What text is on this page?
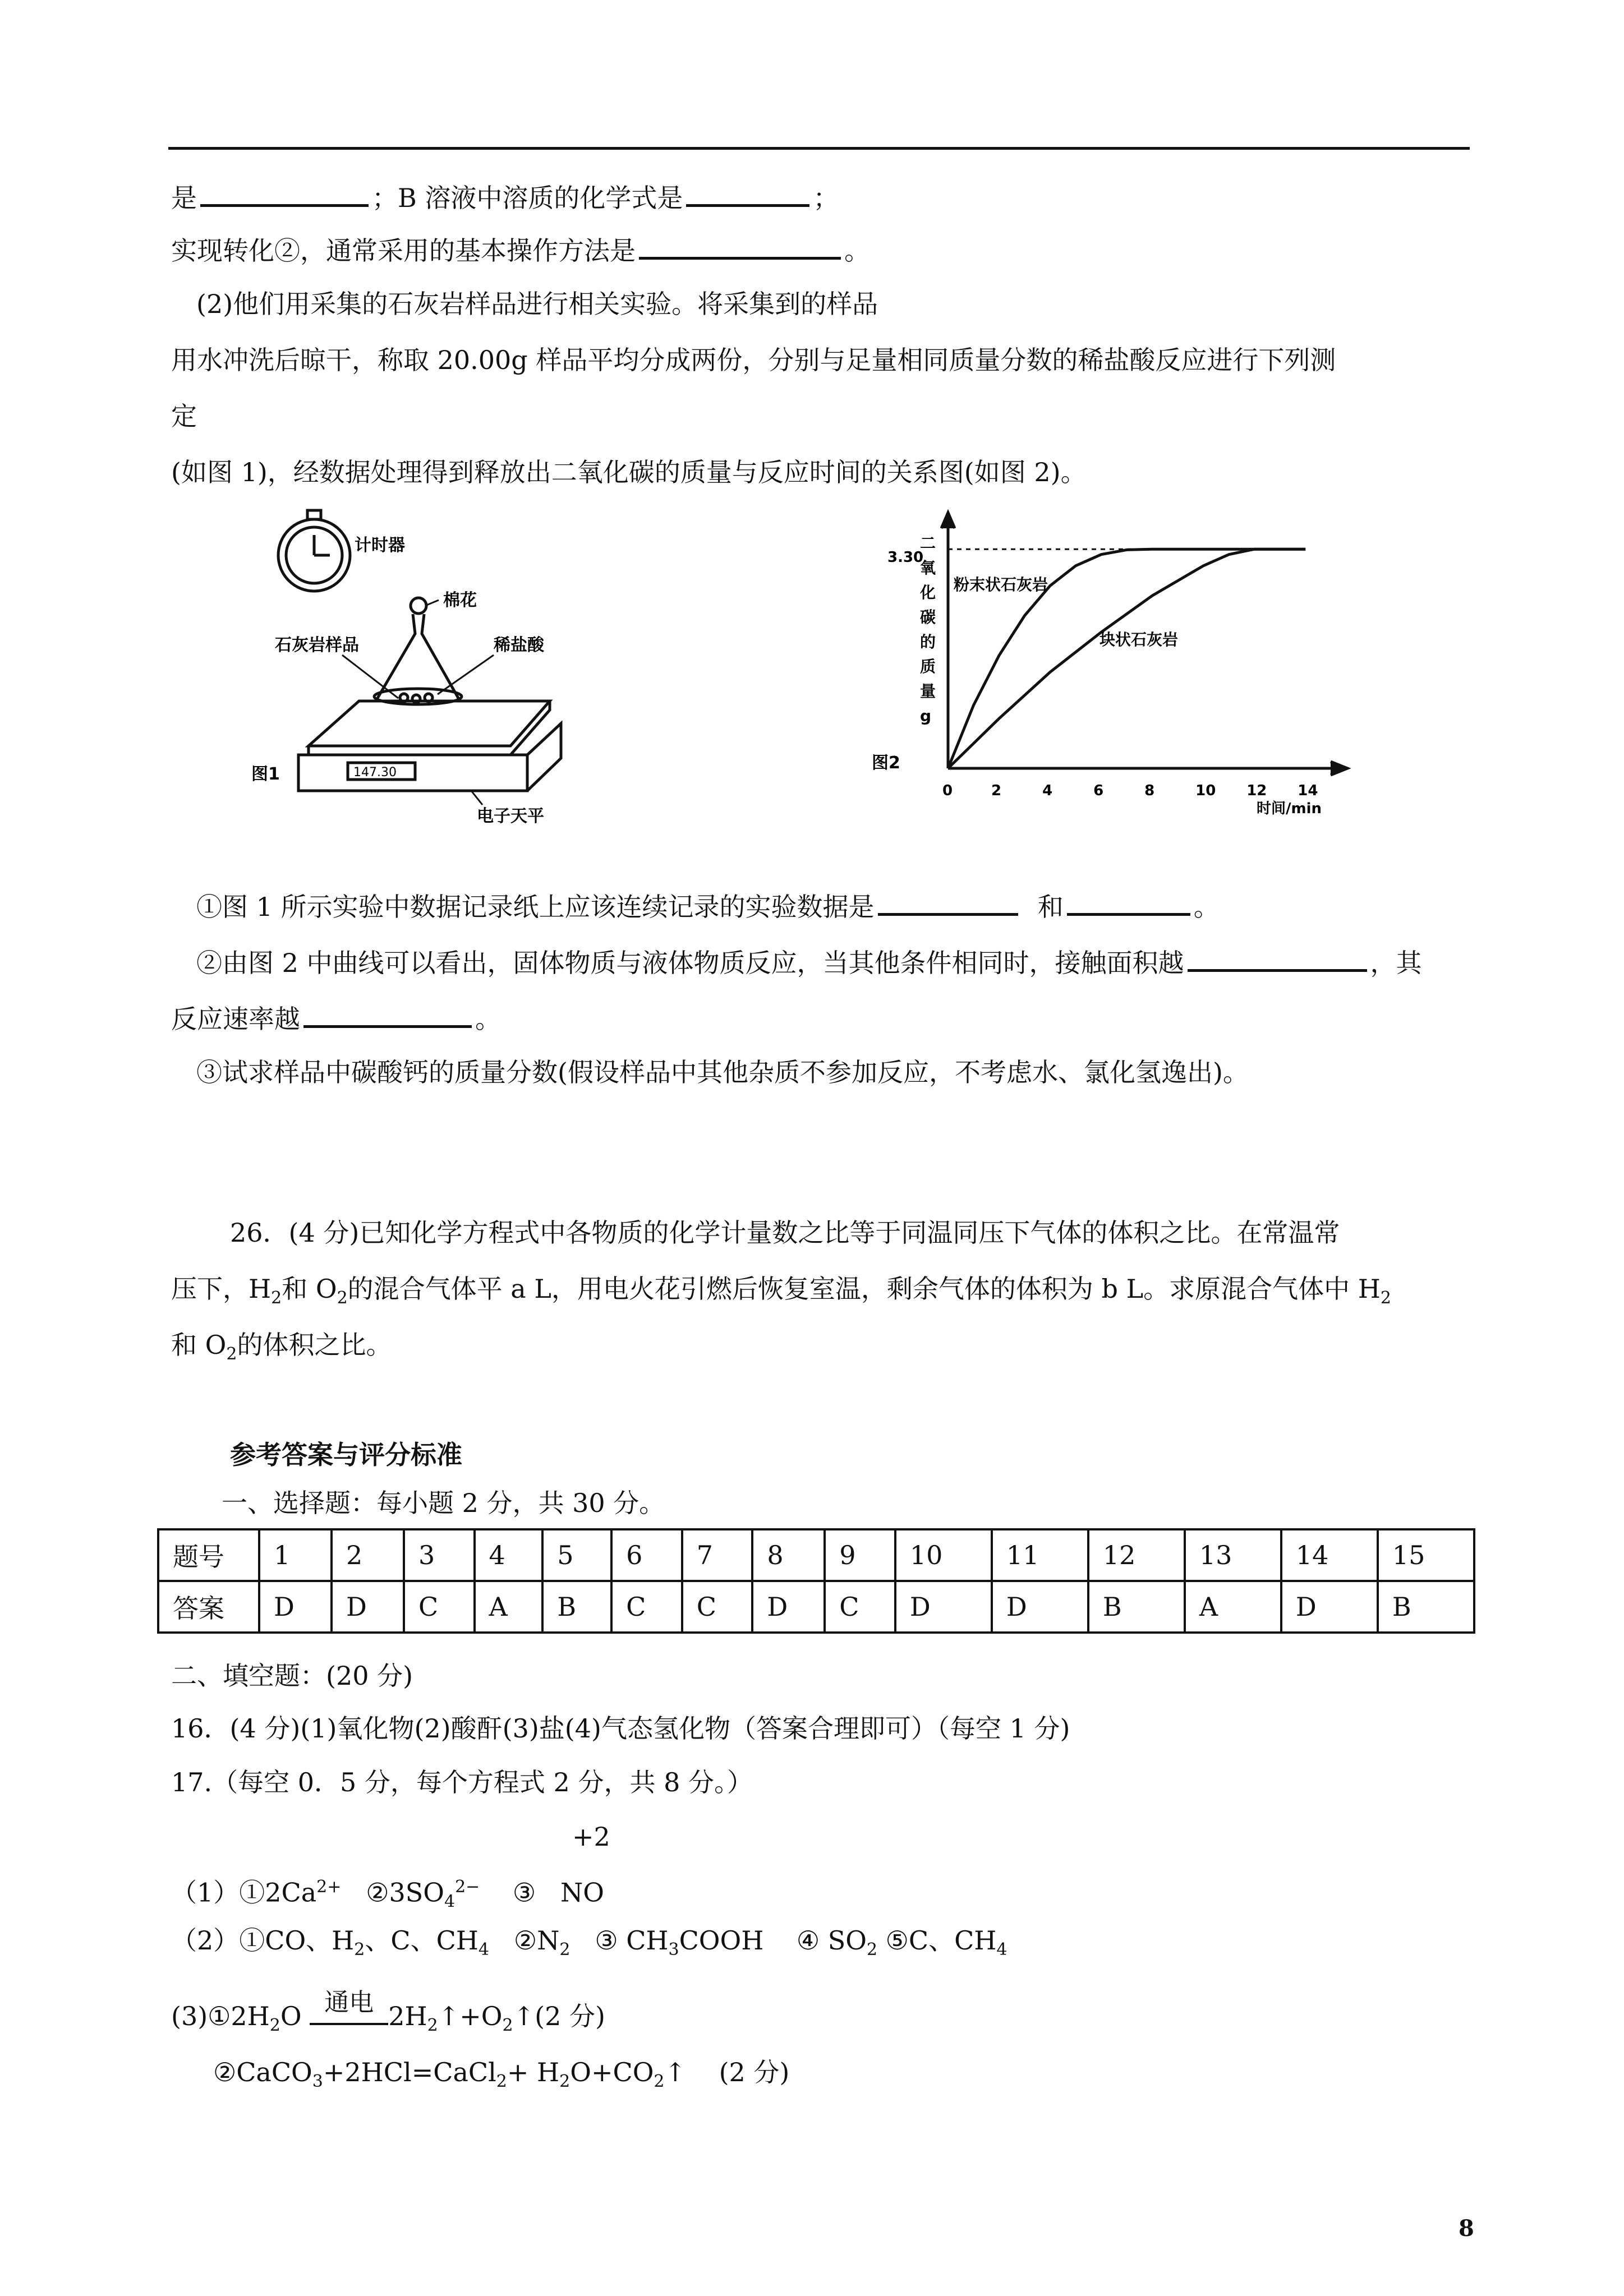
是	；B 溶液中溶质的化学式是	；
实现转化②，通常采用的基本操作方法是	。
(2)他们用采集的石灰岩样品进行相关实验。将采集到的样品
用水冲洗后晾干，称取 20.00g 样品平均分成两份，分别与足量相同质量分数的稀盐酸反应进行下列测
定
(如图 1)，经数据处理得到释放出二氧化碳的质量与反应时间的关系图(如图 2)。
计时器
棉花
石灰岩样品	稀盐酸
147.30
图1
电子天平
二
氧
化
碳
的
质
量
g
图2
时间/min
3.30
0	2	4	6	8	10 12 14
粉末状石灰岩
块状石灰岩
①图 1 所示实验中数据记录纸上应该连续记录的实验数据是	和	。
②由图 2 中曲线可以看出，固体物质与液体物质反应，当其他条件相同时，接触面积越	，其
反应速率越	。
③试求样品中碳酸钙的质量分数(假设样品中其他杂质不参加反应，不考虑水、氯化氢逸出)。
26．(4 分)已知化学方程式中各物质的化学计量数之比等于同温同压下气体的体积之比。在常温常
压下，$H_2$和 $O_2$的混合气体平 a L，用电火花引燃后恢复室温，剩余气体的体积为 b L。求原混合气体中 $H_2$
和 $O_2$的体积之比。
参考答案与评分标准
一、选择题：每小题 2 分，共 30 分。
题号	1	2	3	4	5	6	7	8	9	10	11	12	13	14	15
答案	D	D	C	A	B	C	C	D	C	D	D	B	A	D	B
二、填空题：(20 分)
16．(4 分)(1)氧化物(2)酸酐(3)盐(4)气态氢化物（答案合理即可）（每空 1 分)
17.（每空 0．5 分，每个方程式 2 分，共 8 分。）
+2
$(1)①2Ca^{2+}$ $②3SO_4^{2-}$ ③ NO
（2）①CO、$H_2$、C、$CH_4$ $②N_2$ ③ $CH_3COOH$ ④ $SO_2$ ⑤C、$CH_4$
$(3)①2H_2O$ 通电 $2H_2↑+O_2↑(2$ 分)
②CaCO$_3$+2HCl=CaCl$_2$+ $H_2O+CO_2↑$ (2 分)
8
